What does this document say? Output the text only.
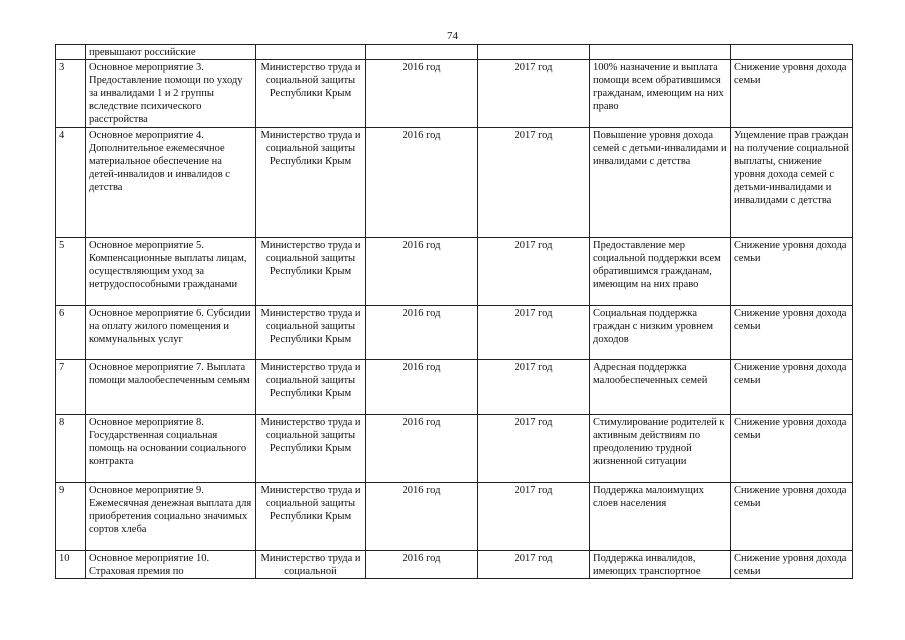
74
	превышают российские					
3	Основное мероприятие 3. Предоставление помощи по уходу за инвалидами 1 и 2 группы вследствие психического расстройства	Министерство труда и социальной защиты Республики Крым	2016 год	2017 год	100% назначение и выплата помощи всем обратившимся гражданам, имеющим на них право	Снижение уровня дохода семьи
4	Основное мероприятие 4. Дополнительное ежемесячное материальное обеспечение на детей-инвалидов и инвалидов с детства	Министерство труда и социальной защиты Республики Крым	2016 год	2017 год	Повышение уровня дохода семей с детьми-инвалидами и инвалидами с детства	Ущемление прав граждан на получение социальной выплаты, снижение уровня дохода семей с детьми-инвалидами и инвалидами с детства
5	Основное мероприятие 5. Компенсационные выплаты лицам, осуществляющим уход за нетрудоспособными гражданами	Министерство труда и социальной защиты Республики Крым	2016 год	2017 год	Предоставление мер социальной поддержки всем обратившимся гражданам, имеющим на них право	Снижение уровня дохода семьи
6	Основное мероприятие 6. Субсидии на оплату жилого помещения и коммунальных услуг	Министерство труда и социальной защиты Республики Крым	2016 год	2017 год	Социальная поддержка граждан с низким уровнем доходов	Снижение уровня дохода семьи
7	Основное мероприятие 7. Выплата помощи малообеспеченным семьям	Министерство труда и социальной защиты Республики Крым	2016 год	2017 год	Адресная поддержка малообеспеченных семей	Снижение уровня дохода семьи
8	Основное мероприятие 8. Государственная социальная помощь на основании социального контракта	Министерство труда и социальной защиты Республики Крым	2016 год	2017 год	Стимулирование родителей к активным действиям по преодолению трудной жизненной ситуации	Снижение уровня дохода семьи
9	Основное мероприятие 9. Ежемесячная денежная выплата для приобретения социально значимых сортов хлеба	Министерство труда и социальной защиты Республики Крым	2016 год	2017 год	Поддержка малоимущих слоев населения	Снижение уровня дохода семьи
10	Основное мероприятие 10. Страховая премия по	Министерство труда и социальной	2016 год	2017 год	Поддержка инвалидов, имеющих транспортное	Снижение уровня дохода семьи
